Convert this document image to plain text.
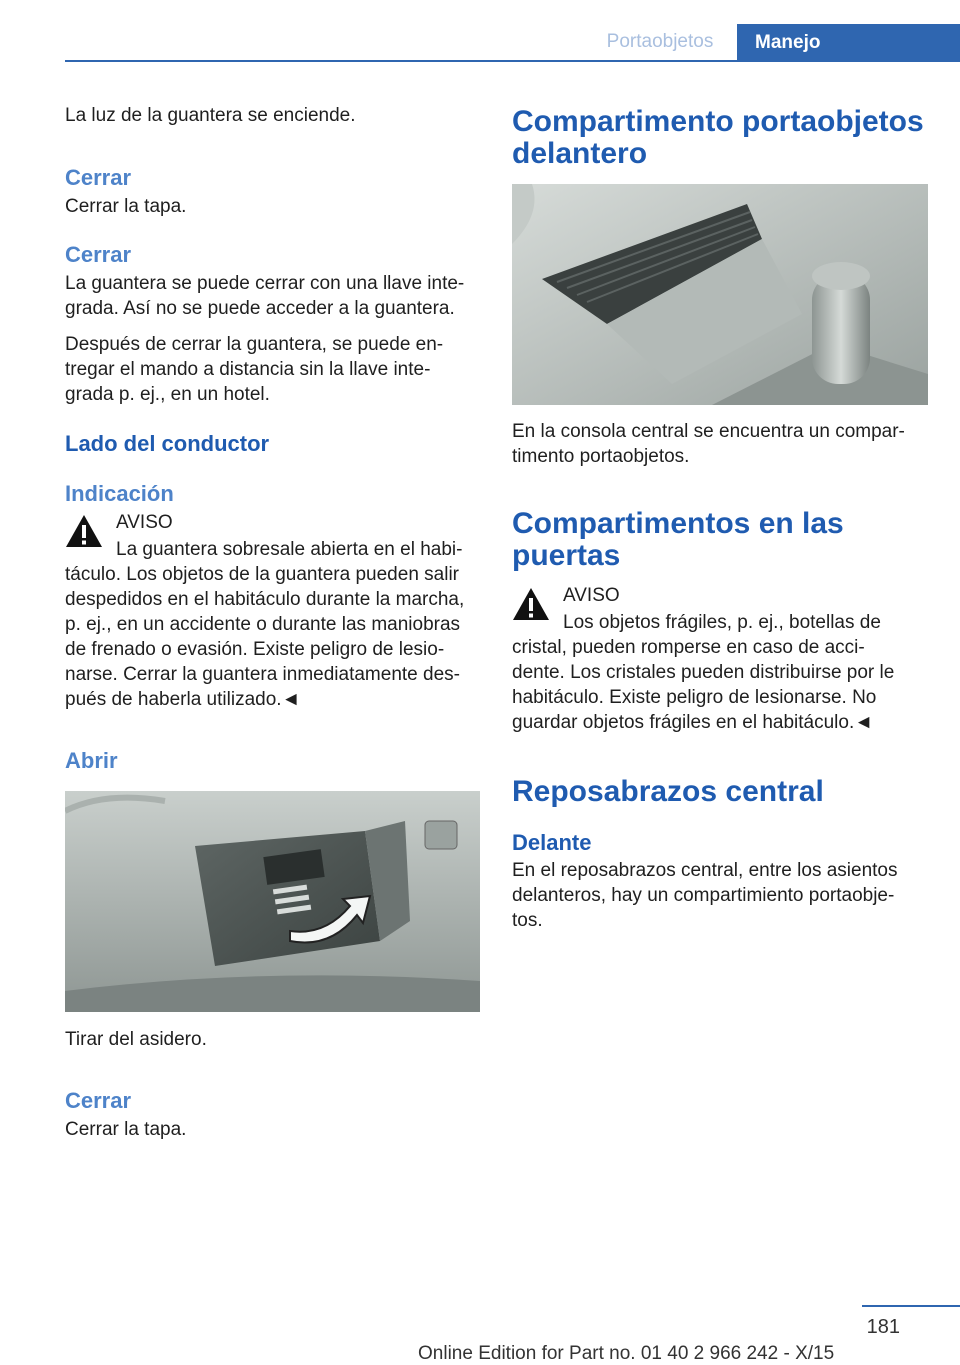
Portaobjetos	Manejo

La luz de la guantera se enciende.

Cerrar

Cerrar la tapa.

Cerrar

La guantera se puede cerrar con una llave inte-
grada. Así no se puede acceder a la guantera.

Después de cerrar la guantera, se puede en-
tregar el mando a distancia sin la llave inte-
grada p. ej., en un hotel.

Lado del conductor
Indicación

AVISO

La guantera sobresale abierta en el habi-

táculo. Los objetos de la guantera pueden salir
despedidos en el habitáculo durante la marcha,
p. ej., en un accidente o durante las maniobras
de frenado o evasión. Existe peligro de lesio-
narse. Cerrar la guantera inmediatamente des-
pués de haberla utilizado.◄

Abrir

Tirar del asidero.

Cerrar

Cerrar la tapa.

Compartimento portaobjetos
delantero

En la consola central se encuentra un compar-
timento portaobjetos.

Compartimentos en las
puertas

AVISO

Los objetos frágiles, p. ej., botellas de

cristal, pueden romperse en caso de acci-
dente. Los cristales pueden distribuirse por le
habitáculo. Existe peligro de lesionarse. No
guardar objetos frágiles en el habitáculo.◄

Reposabrazos central
Delante

En el reposabrazos central, entre los asientos
delanteros, hay un compartimiento portaobje-
tos.

181
Online Edition for Part no. 01 40 2 966 242 - X/15
